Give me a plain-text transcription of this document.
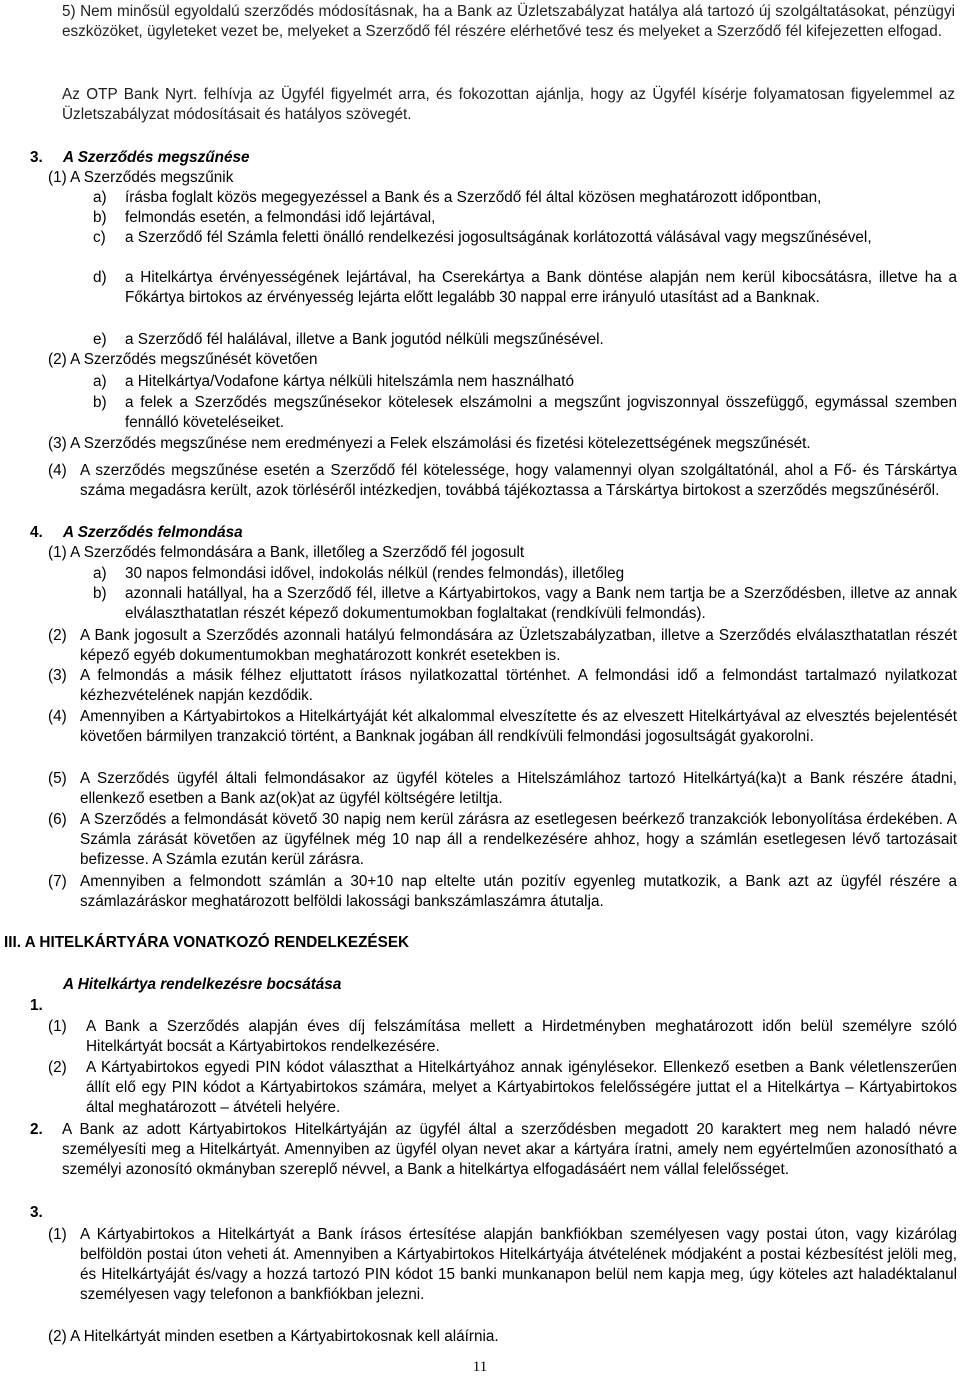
5) Nem minősül egyoldalú szerződés módosításnak, ha a Bank az Üzletszabályzat hatálya alá tartozó új szolgáltatásokat, pénzügyi eszközöket, ügyleteket vezet be, melyeket a Szerződő fél részére elérhetővé tesz és melyeket a Szerződő fél kifejezetten elfogad.
Az OTP Bank Nyrt. felhívja az Ügyfél figyelmét arra, és fokozottan ajánlja, hogy az Ügyfél kísérje folyamatosan figyelemmel az Üzletszabályzat módosításait és hatályos szövegét.
3. A Szerződés megszűnése
(1) A Szerződés megszűnik
a) írásba foglalt közös megegyezéssel a Bank és a Szerződő fél által közösen meghatározott időpontban,
b) felmondás esetén, a felmondási idő lejártával,
c) a Szerződő fél Számla feletti önálló rendelkezési jogosultságának korlátozottá válásával vagy megszűnésével,
d) a Hitelkártya érvényességének lejártával, ha Cserekártya a Bank döntése alapján nem kerül kibocsátásra, illetve ha a Főkártya birtokos az érvényesség lejárta előtt legalább 30 nappal erre irányuló utasítást ad a Banknak.
e) a Szerződő fél halálával, illetve a Bank jogutód nélküli megszűnésével.
(2) A Szerződés megszűnését követően
a) a Hitelkártya/Vodafone kártya nélküli hitelszámla nem használható
b) a felek a Szerződés megszűnésekor kötelesek elszámolni a megszűnt jogviszonnyal összefüggő, egymással szemben fennálló követeléseiket.
(3) A Szerződés megszűnése nem eredményezi a Felek elszámolási és fizetési kötelezettségének megszűnését.
(4) A szerződés megszűnése esetén a Szerződő fél kötelessége, hogy valamennyi olyan szolgáltatónál, ahol a Fő- és Társkártya száma megadásra került, azok törléséről intézkedjen, továbbá tájékoztassa a Társkártya birtokost a szerződés megszűnéséről.
4. A Szerződés felmondása
(1) A Szerződés felmondására a Bank, illetőleg a Szerződő fél jogosult
a) 30 napos felmondási idővel, indokolás nélkül (rendes felmondás), illetőleg
b) azonnali hatállyal, ha a Szerződő fél, illetve a Kártyabirtokos, vagy a Bank nem tartja be a Szerződésben, illetve az annak elválaszthatatlan részét képező dokumentumokban foglaltakat (rendkívüli felmondás).
(2) A Bank jogosult a Szerződés azonnali hatályú felmondására az Üzletszabályzatban, illetve a Szerződés elválaszthatatlan részét képező egyéb dokumentumokban meghatározott konkrét esetekben is.
(3) A felmondás a másik félhez eljuttatott írásos nyilatkozattal történhet. A felmondási idő a felmondást tartalmazó nyilatkozat kézhezvételének napján kezdődik.
(4) Amennyiben a Kártyabirtokos a Hitelkártyáját két alkalommal elveszítette és az elveszett Hitelkártyával az elvesztés bejelentését követően bármilyen tranzakció történt, a Banknak jogában áll rendkívüli felmondási jogosultságát gyakorolni.
(5) A Szerződés ügyfél általi felmondásakor az ügyfél köteles a Hitelszámlához tartozó Hitelkártyá(ka)t a Bank részére átadni, ellenkező esetben a Bank az(ok)at az ügyfél költségére letiltja.
(6) A Szerződés a felmondását követő 30 napig nem kerül zárásra az esetlegesen beérkező tranzakciók lebonyolítása érdekében. A Számla zárását követően az ügyfélnek még 10 nap áll a rendelkezésére ahhoz, hogy a számlán esetlegesen lévő tartozásait befizesse. A Számla ezután kerül zárásra.
(7) Amennyiben a felmondott számlán a 30+10 nap eltelte után pozitív egyenleg mutatkozik, a Bank azt az ügyfél részére a számlazáráskor meghatározott belföldi lakossági bankszámlaszámra átutalja.
III. A HITELKÁRTYÁRA VONATKOZÓ RENDELKEZÉSEK
A Hitelkártya rendelkezésre bocsátása
1.
(1) A Bank a Szerződés alapján éves díj felszámítása mellett a Hirdetményben meghatározott időn belül személyre szóló Hitelkártyát bocsát a Kártyabirtokos rendelkezésére.
(2) A Kártyabirtokos egyedi PIN kódot választhat a Hitelkártyához annak igénylésekor. Ellenkező esetben a Bank véletlenszerűen állít elő egy PIN kódot a Kártyabirtokos számára, melyet a Kártyabirtokos felelősségére juttat el a Hitelkártya – Kártyabirtokos által meghatározott – átvételi helyére.
2. A Bank az adott Kártyabirtokos Hitelkártyáján az ügyfél által a szerződésben megadott 20 karaktert meg nem haladó névre személyesíti meg a Hitelkártyát. Amennyiben az ügyfél olyan nevet akar a kártyára íratni, amely nem egyértelműen azonosítható a személyi azonosító okmányban szereplő névvel, a Bank a hitelkártya elfogadásáért nem vállal felelősséget.
3.
(1) A Kártyabirtokos a Hitelkártyát a Bank írásos értesítése alapján bankfiókban személyesen vagy postai úton, vagy kizárólag belföldön postai úton veheti át. Amennyiben a Kártyabirtokos Hitelkártyája átvételének módjaként a postai kézbesítést jelöli meg, és Hitelkártyáját és/vagy a hozzá tartozó PIN kódot 15 banki munkanapon belül nem kapja meg, úgy köteles azt haladéktalanul személyesen vagy telefonon a bankfiókban jelezni.
(2) A Hitelkártyát minden esetben a Kártyabirtokosnak kell aláírnia.
11
